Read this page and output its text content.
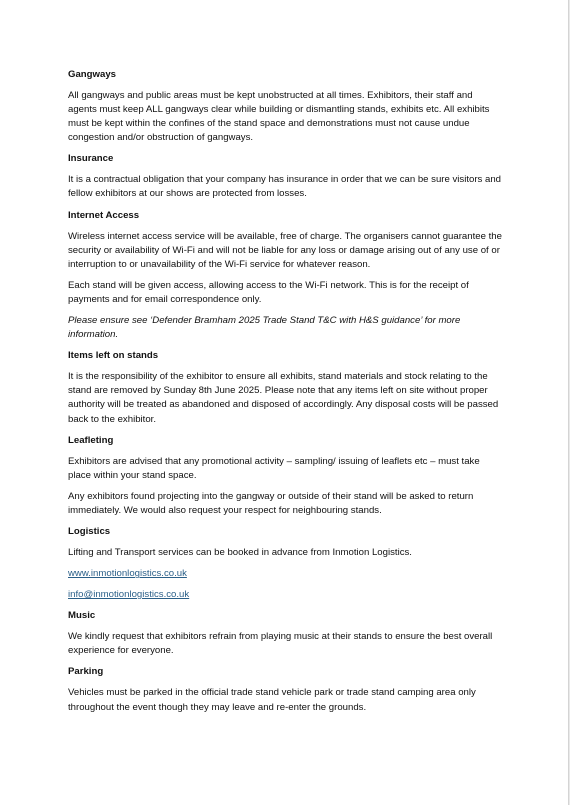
Gangways

All gangways and public areas must be kept unobstructed at all times. Exhibitors, their staff and agents must keep ALL gangways clear while building or dismantling stands, exhibits etc. All exhibits must be kept within the confines of the stand space and demonstrations must not cause undue congestion and/or obstruction of gangways.

Insurance

It is a contractual obligation that your company has insurance in order that we can be sure visitors and fellow exhibitors at our shows are protected from losses.

Internet Access

Wireless internet access service will be available, free of charge. The organisers cannot guarantee the security or availability of Wi-Fi and will not be liable for any loss or damage arising out of any use of or interruption to or unavailability of the Wi-Fi service for whatever reason.

Each stand will be given access, allowing access to the Wi-Fi network. This is for the receipt of payments and for email correspondence only.

Please ensure see ‘Defender Bramham 2025 Trade Stand T&C with H&S guidance’ for more information.

Items left on stands

It is the responsibility of the exhibitor to ensure all exhibits, stand materials and stock relating to the stand are removed by Sunday 8th June 2025. Please note that any items left on site without proper authority will be treated as abandoned and disposed of accordingly. Any disposal costs will be passed back to the exhibitor.

Leafleting

Exhibitors are advised that any promotional activity – sampling/ issuing of leaflets etc – must take place within your stand space.

Any exhibitors found projecting into the gangway or outside of their stand will be asked to return immediately. We would also request your respect for neighbouring stands.

Logistics

Lifting and Transport services can be booked in advance from Inmotion Logistics.

www.inmotionlogistics.co.uk
info@inmotionlogistics.co.uk
Music

We kindly request that exhibitors refrain from playing music at their stands to ensure the best overall experience for everyone.

Parking

Vehicles must be parked in the official trade stand vehicle park or trade stand camping area only throughout the event though they may leave and re-enter the grounds.
